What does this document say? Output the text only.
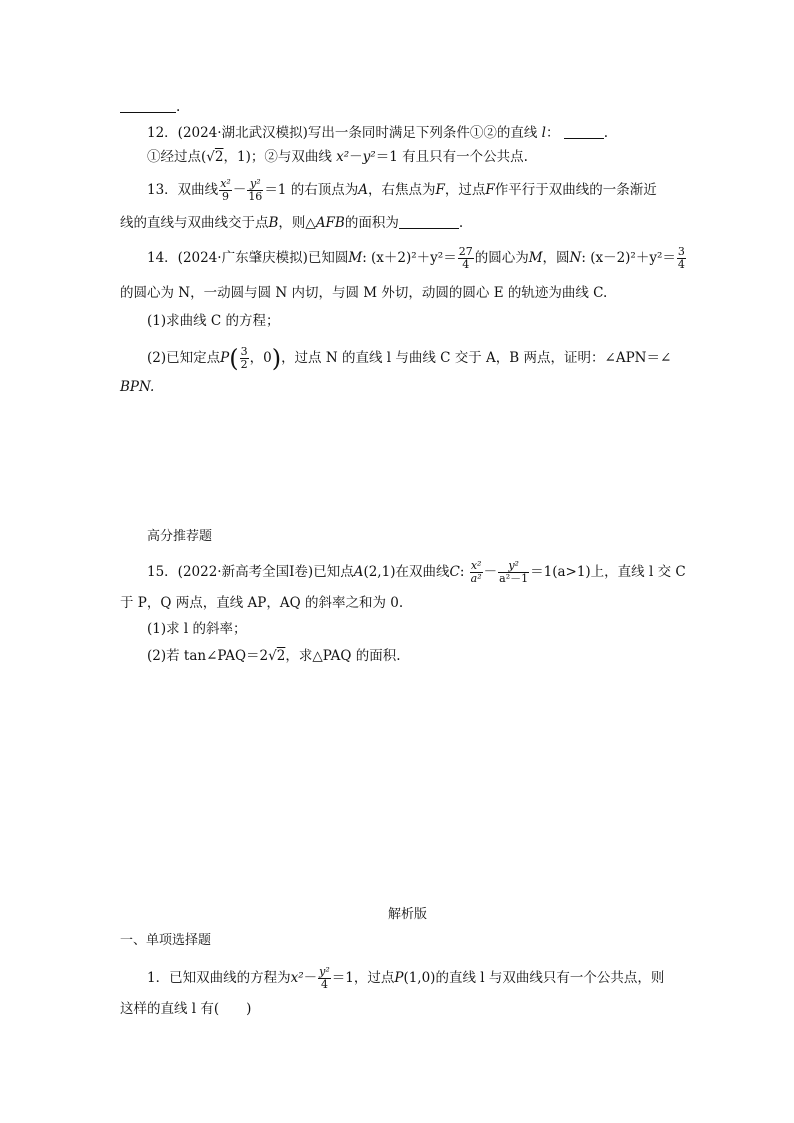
.
12．(2024·湖北武汉模拟)写出一条同时满足下列条件①②的直线 l：	.
①经过点(√2，1)；②与双曲线 x²－y²＝1 有且只有一个公共点.
13．双曲线 $\frac{\text{x²}}{9} - \frac{\text{y²}}{16} =1$ 的右顶点为A，右焦点为F，过点F作平行于双曲线的一条渐近
线的直线与双曲线交于点B，则△AFB的面积为	.
14．(2024·广东肇庆模拟)已知圆M: $(x+2)^2+y^2= \frac{27}{4}$ 的圆心为M，圆N: $(x-2)^2+y^2= \frac{3}{4}$
的圆心为 N，一动圆与圆 N 内切，与圆 M 外切，动圆的圆心 E 的轨迹为曲线 C.
(1)求曲线 C 的方程；
(2)已知定点$P( \frac{3}{2}$ ，0)，过点 N 的直线 l 与曲线 C 交于 A，B 两点，证明：∠APN＝∠
BPN.
高分推荐题
15．(2022·新高考全国Ⅰ卷)已知点A(2,1)在双曲线C: $\frac{\text{x²}}{\text{a²}} - \frac{\text{y²}}{\text{a²－1}} =1(a>1)$上，直线 l 交 C
于 P，Q 两点，直线 AP，AQ 的斜率之和为 0.
(1)求 l 的斜率；
(2)若 tan∠PAQ＝2√2，求△PAQ 的面积.
解析版
一、单项选择题
1．已知双曲线的方程为$x^2- \frac{\text{y²}}{4} =1$，过点P(1,0)的直线 l 与双曲线只有一个公共点，则
这样的直线 l 有(　　)
